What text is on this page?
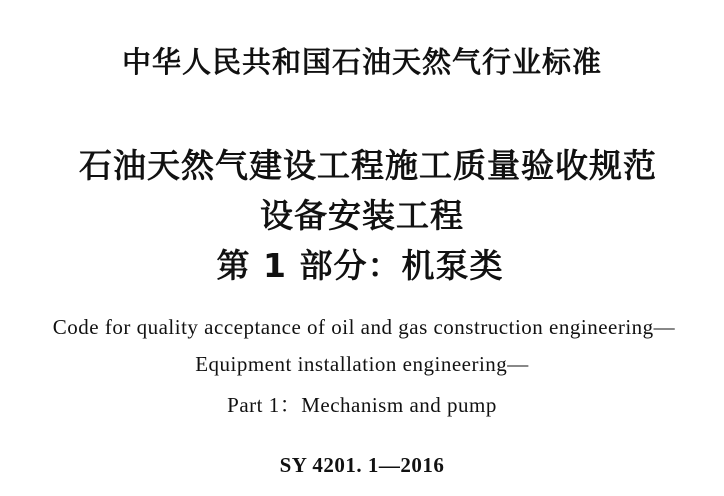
中华人民共和国石油天然气行业标准
石油天然气建设工程施工质量验收规范
设备安装工程
第 1 部分：机泵类
Code for quality acceptance of oil and gas construction engineering—
Equipment installation engineering—
Part 1：Mechanism and pump
SY 4201. 1—2016
